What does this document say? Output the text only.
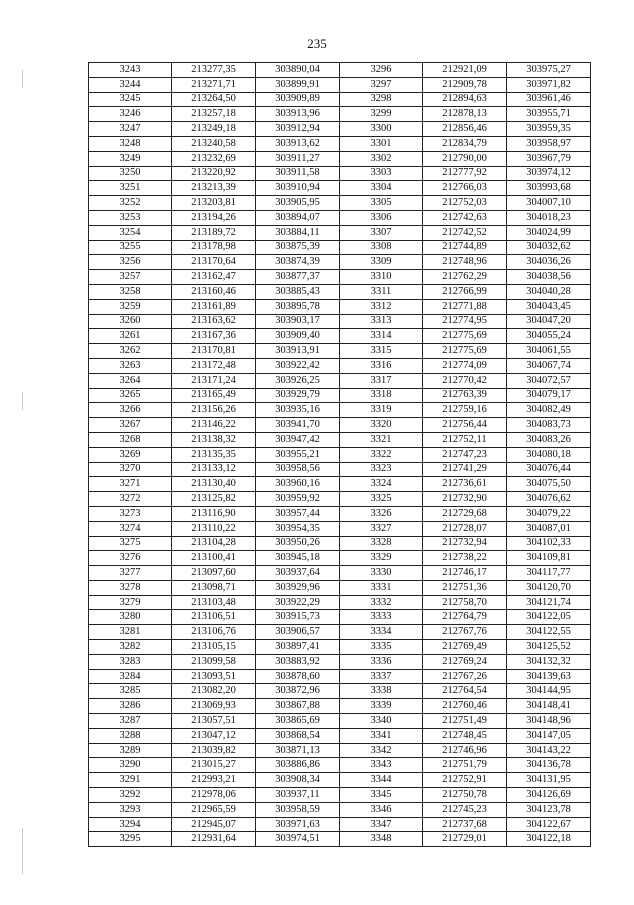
235
3243	213277,35	303890,04	3296	212921,09	303975,27
3244	213271,71	303899,91	3297	212909,78	303971,82
3245	213264,50	303909,89	3298	212894,63	303961,46
3246	213257,18	303913,96	3299	212878,13	303955,71
3247	213249,18	303912,94	3300	212856,46	303959,35
3248	213240,58	303913,62	3301	212834,79	303958,97
3249	213232,69	303911,27	3302	212790,00	303967,79
3250	213220,92	303911,58	3303	212777,92	303974,12
3251	213213,39	303910,94	3304	212766,03	303993,68
3252	213203,81	303905,95	3305	212752,03	304007,10
3253	213194,26	303894,07	3306	212742,63	304018,23
3254	213189,72	303884,11	3307	212742,52	304024,99
3255	213178,98	303875,39	3308	212744,89	304032,62
3256	213170,64	303874,39	3309	212748,96	304036,26
3257	213162,47	303877,37	3310	212762,29	304038,56
3258	213160,46	303885,43	3311	212766,99	304040,28
3259	213161,89	303895,78	3312	212771,88	304043,45
3260	213163,62	303903,17	3313	212774,95	304047,20
3261	213167,36	303909,40	3314	212775,69	304055,24
3262	213170,81	303913,91	3315	212775,69	304061,55
3263	213172,48	303922,42	3316	212774,09	304067,74
3264	213171,24	303926,25	3317	212770,42	304072,57
3265	213165,49	303929,79	3318	212763,39	304079,17
3266	213156,26	303935,16	3319	212759,16	304082,49
3267	213146,22	303941,70	3320	212756,44	304083,73
3268	213138,32	303947,42	3321	212752,11	304083,26
3269	213135,35	303955,21	3322	212747,23	304080,18
3270	213133,12	303958,56	3323	212741,29	304076,44
3271	213130,40	303960,16	3324	212736,61	304075,50
3272	213125,82	303959,92	3325	212732,90	304076,62
3273	213116,90	303957,44	3326	212729,68	304079,22
3274	213110,22	303954,35	3327	212728,07	304087,01
3275	213104,28	303950,26	3328	212732,94	304102,33
3276	213100,41	303945,18	3329	212738,22	304109,81
3277	213097,60	303937,64	3330	212746,17	304117,77
3278	213098,71	303929,96	3331	212751,36	304120,70
3279	213103,48	303922,29	3332	212758,70	304121,74
3280	213106,51	303915,73	3333	212764,79	304122,05
3281	213106,76	303906,57	3334	212767,76	304122,55
3282	213105,15	303897,41	3335	212769,49	304125,52
3283	213099,58	303883,92	3336	212769,24	304132,32
3284	213093,51	303878,60	3337	212767,26	304139,63
3285	213082,20	303872,96	3338	212764,54	304144,95
3286	213069,93	303867,88	3339	212760,46	304148,41
3287	213057,51	303865,69	3340	212751,49	304148,96
3288	213047,12	303868,54	3341	212748,45	304147,05
3289	213039,82	303871,13	3342	212746,96	304143,22
3290	213015,27	303886,86	3343	212751,79	304136,78
3291	212993,21	303908,34	3344	212752,91	304131,95
3292	212978,06	303937,11	3345	212750,78	304126,69
3293	212965,59	303958,59	3346	212745,23	304123,78
3294	212945,07	303971,63	3347	212737,68	304122,67
3295	212931,64	303974,51	3348	212729,01	304122,18
